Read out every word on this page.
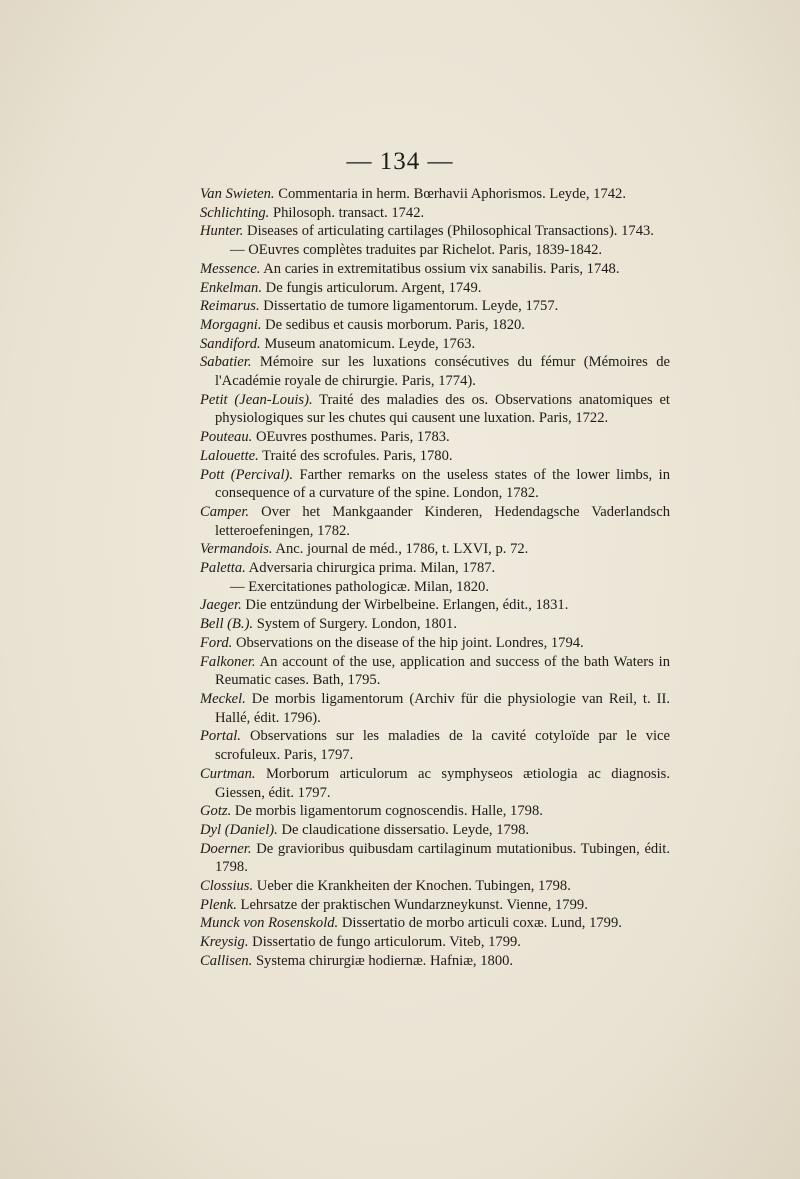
— 134 —
Van Swieten. Commentaria in herm. Bœrhavii Aphorismos. Leyde, 1742.
Schlichting. Philosoph. transact. 1742.
Hunter. Diseases of articulating cartilages (Philosophical Transactions). 1743.
— OEuvres complètes traduites par Richelot. Paris, 1839-1842.
Messence. An caries in extremitatibus ossium vix sanabilis. Paris, 1748.
Enkelman. De fungis articulorum. Argent, 1749.
Reimarus. Dissertatio de tumore ligamentorum. Leyde, 1757.
Morgagni. De sedibus et causis morborum. Paris, 1820.
Sandiford. Museum anatomicum. Leyde, 1763.
Sabatier. Mémoire sur les luxations consécutives du fémur (Mémoires de l'Académie royale de chirurgie. Paris, 1774).
Petit (Jean-Louis). Traité des maladies des os. Observations anatomiques et physiologiques sur les chutes qui causent une luxation. Paris, 1722.
Pouteau. OEuvres posthumes. Paris, 1783.
Lalouette. Traité des scrofules. Paris, 1780.
Pott (Percival). Farther remarks on the useless states of the lower limbs, in consequence of a curvature of the spine. London, 1782.
Camper. Over het Mankgaander Kinderen, Hedendagsche Vaderlandsch letteroefeningen, 1782.
Vermandois. Anc. journal de méd., 1786, t. LXVI, p. 72.
Paletta. Adversaria chirurgica prima. Milan, 1787.
— Exercitationes pathologicæ. Milan, 1820.
Jaeger. Die entzündung der Wirbelbeine. Erlangen, édit., 1831.
Bell (B.). System of Surgery. London, 1801.
Ford. Observations on the disease of the hip joint. Londres, 1794.
Falkoner. An account of the use, application and success of the bath Waters in Reumatic cases. Bath, 1795.
Meckel. De morbis ligamentorum (Archiv für die physiologie van Reil, t. II. Hallé, édit. 1796).
Portal. Observations sur les maladies de la cavité cotyloïde par le vice scrofuleux. Paris, 1797.
Curtman. Morborum articulorum ac symphyseos ætiologia ac diagnosis. Giessen, édit. 1797.
Gotz. De morbis ligamentorum cognoscendis. Halle, 1798.
Dyl (Daniel). De claudicatione dissersatio. Leyde, 1798.
Doerner. De gravioribus quibusdam cartilaginum mutationibus. Tubingen, édit. 1798.
Clossius. Ueber die Krankheiten der Knochen. Tubingen, 1798.
Plenk. Lehrsatze der praktischen Wundarzneykunst. Vienne, 1799.
Munck von Rosenskold. Dissertatio de morbo articuli coxæ. Lund, 1799.
Kreysig. Dissertatio de fungo articulorum. Viteb, 1799.
Callisen. Systema chirurgiæ hodiernæ. Hafniæ, 1800.
